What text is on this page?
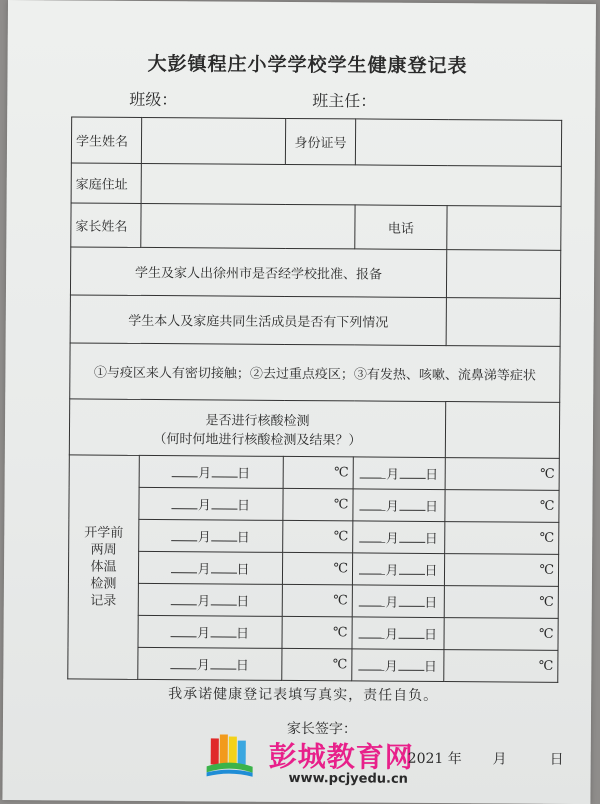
大彭镇程庄小学学校学生健康登记表
班级：	班主任：
学生姓名		身份证号		
家庭住址				
家长姓名			电话	
学生及家人出徐州市是否经学校批准、报备				
学生本人及家庭共同生活成员是否有下列情况				
①与疫区来人有密切接触；②去过重点疫区；③有发热、咳嗽、流鼻涕等症状				

是否进行核酸检测
（何时何地进行核酸检测及结果？）				

开学前
两周
体温
检测
记录	月 日	℃	月 日	℃
	月 日	℃	月 日	℃
	月 日	℃	月 日	℃
	月 日	℃	月 日	℃
	月 日	℃	月 日	℃
	月 日	℃	月 日	℃
	月 日	℃	月 日	℃
我承诺健康登记表填写真实，责任自负。
家长签字：
彭城教育网
www.pcjyedu.cn
2021 年 月	日
